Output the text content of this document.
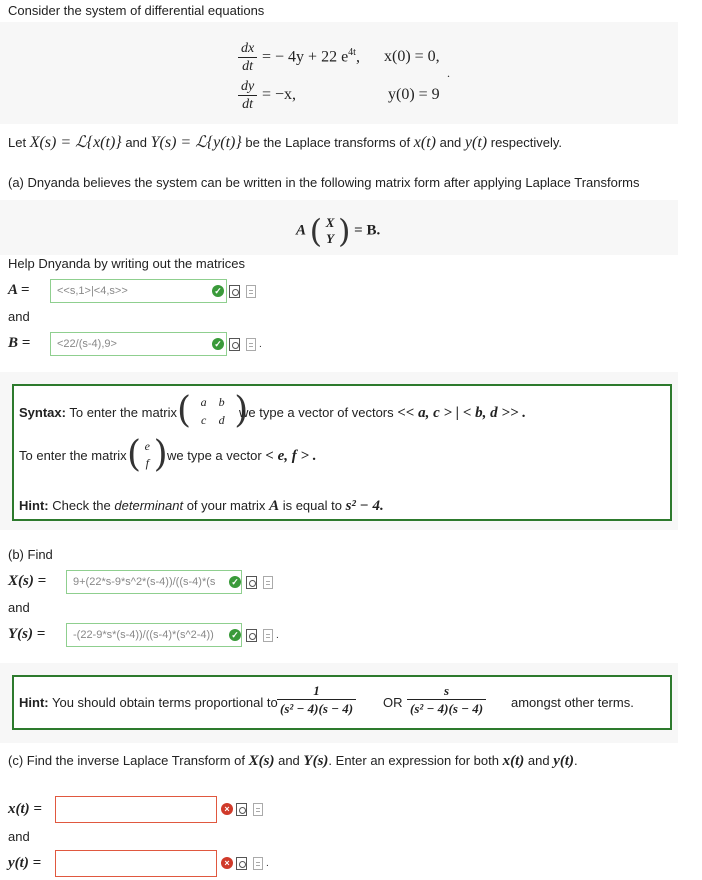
Consider the system of differential equations
$\frac{dx}{dt}$ = − 4y + 22 $e^{4t}$, x(0) = 0,
.
$\frac{dy}{dt} = -x$,	y(0) = 9
Let X(s) = ℒ{x(t)} and Y(s) = ℒ{y(t)} be the Laplace transforms of x(t) and y(t) respectively.
(a) Dnyanda believes the system can be written in the following matrix form after applying Laplace Transforms
A ( X
Y ) = B.
Help Dnyanda by writing out the matrices
A =	<<s,1>|<4,s>>	✓
and
B =	<22/(s-4),9>	✓	.
Syntax: To enter the matrix ( a b
c d )
we type a vector of vectors << a, c > | < b, d >> .
To enter the matrix ( e
f ) we type a vector < e, f > .
Hint: Check the determinant of your matrix A is equal to s² − 4.
(b) Find
X(s) =	9+(22*s-9*s^2*(s-4))/((s-4)*(s	✓
and
Y(s) =	-(22-9*s*(s-4))/((s-4)*(s^2-4))	✓	.
Hint: You should obtain terms proportional to $\frac{1}{\text{(s² − 4)(s − 4)}}$ OR $\frac{s}{\text{(s² − 4)(s − 4)}}$ amongst other terms.
(c) Find the inverse Laplace Transform of X(s) and Y(s). Enter an expression for both x(t) and y(t).
x(t) =	×
and
y(t) =	×	.
